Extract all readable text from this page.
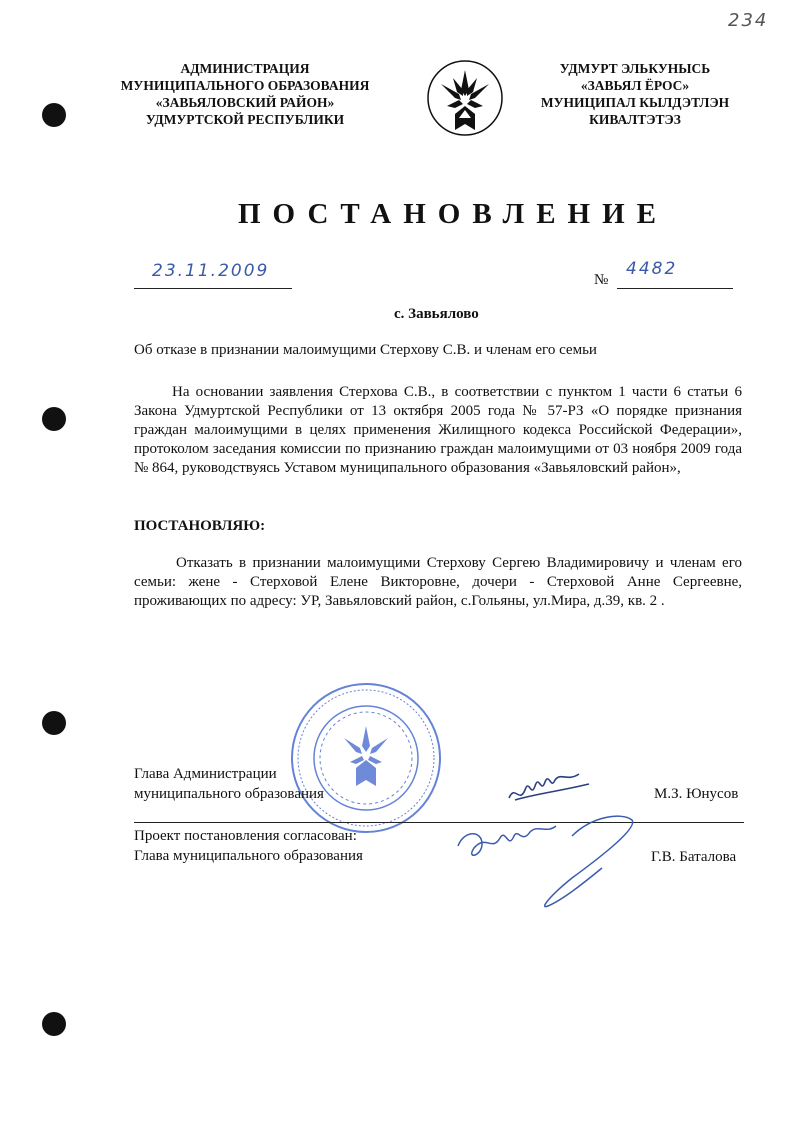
234
АДМИНИСТРАЦИЯ
МУНИЦИПАЛЬНОГО ОБРАЗОВАНИЯ
«ЗАВЬЯЛОВСКИЙ РАЙОН»
УДМУРТСКОЙ РЕСПУБЛИКИ
УДМУРТ ЭЛЬКУНЫСЬ
«ЗАВЬЯЛ ЁРОС»
МУНИЦИПАЛ КЫЛДЭТЛЭН
КИВАЛТЭТЭЗ
ПОСТАНОВЛЕНИЕ
23.11.2009	№
4482
с. Завьялово
Об отказе в признании малоимущими Стерхову С.В. и членам его семьи
На основании заявления Стерхова С.В., в соответствии с пунктом 1 части 6 статьи 6 Закона Удмуртской Республики от 13 октября 2005 года № 57-РЗ «О порядке признания граждан малоимущими в целях применения Жилищного кодекса Российской Федерации», протоколом заседания комиссии по признанию граждан малоимущими от 03 ноября 2009 года № 864, руководствуясь Уставом муниципального образования «Завьяловский район»,
ПОСТАНОВЛЯЮ:
Отказать в признании малоимущими Стерхову Сергею Владимировичу и членам его семьи: жене - Стерховой Елене Викторовне, дочери - Стерховой Анне Сергеевне, проживающих по адресу: УР, Завьяловский район, с.Гольяны, ул.Мира, д.39, кв. 2 .
Глава Администрации
муниципального образования	М.З. Юнусов
Проект постановления согласован:
Глава муниципального образования	Г.В. Баталова
